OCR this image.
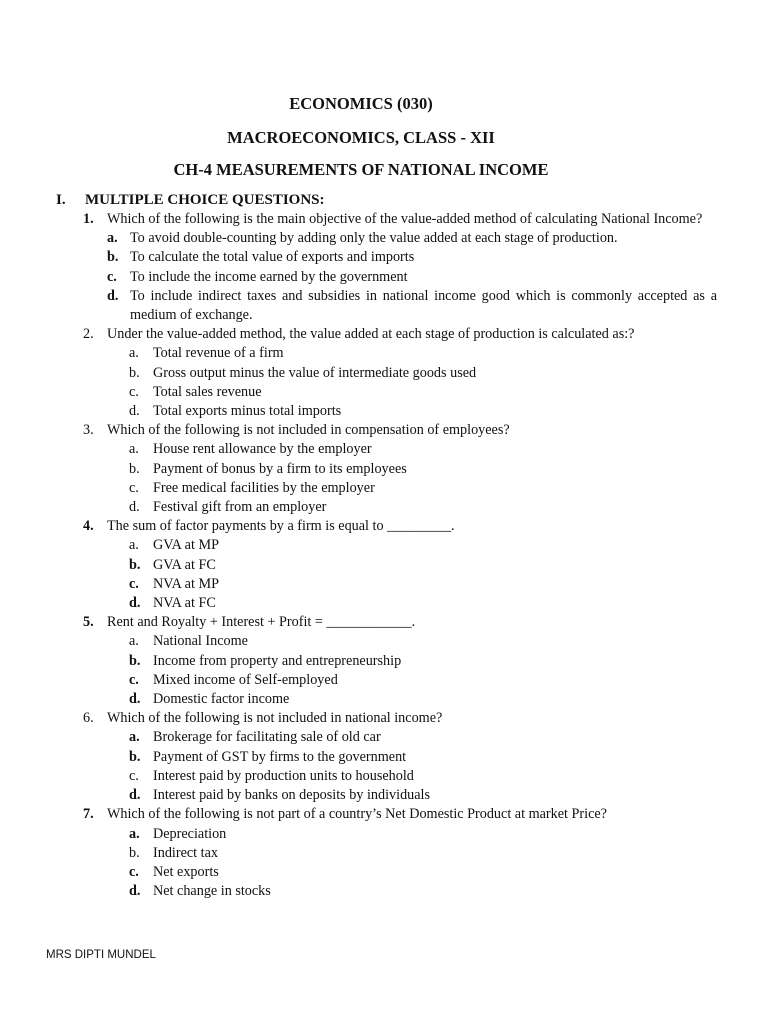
ECONOMICS (030)
MACROECONOMICS, CLASS - XII
CH-4 MEASUREMENTS OF NATIONAL INCOME
I. MULTIPLE CHOICE QUESTIONS:
1. Which of the following is the main objective of the value-added method of calculating National Income?
a. To avoid double-counting by adding only the value added at each stage of production.
b. To calculate the total value of exports and imports
c. To include the income earned by the government
d. To include indirect taxes and subsidies in national income good which is commonly accepted as a medium of exchange.
2. Under the value-added method, the value added at each stage of production is calculated as:?
a. Total revenue of a firm
b. Gross output minus the value of intermediate goods used
c. Total sales revenue
d. Total exports minus total imports
3. Which of the following is not included in compensation of employees?
a. House rent allowance by the employer
b. Payment of bonus by a firm to its employees
c. Free medical facilities by the employer
d. Festival gift from an employer
4. The sum of factor payments by a firm is equal to _________.
a. GVA at MP
b. GVA at FC
c. NVA at MP
d. NVA at FC
5. Rent and Royalty + Interest + Profit = ____________.
a. National Income
b. Income from property and entrepreneurship
c. Mixed income of Self-employed
d. Domestic factor income
6. Which of the following is not included in national income?
a. Brokerage for facilitating sale of old car
b. Payment of GST by firms to the government
c. Interest paid by production units to household
d. Interest paid by banks on deposits by individuals
7. Which of the following is not part of a country’s Net Domestic Product at market Price?
a. Depreciation
b. Indirect tax
c. Net exports
d. Net change in stocks
MRS DIPTI MUNDEL
